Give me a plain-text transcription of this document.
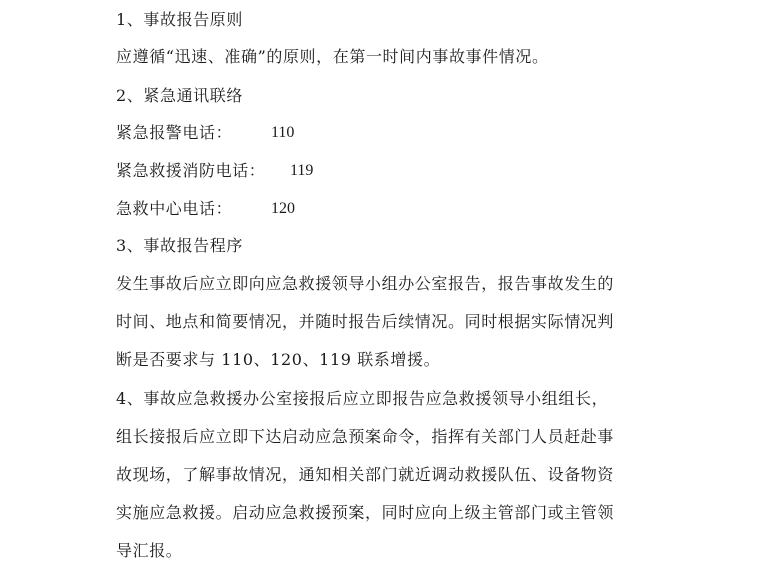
1、事故报告原则
应遵循“迅速、准确”的原则，在第一时间内事故事件情况。
2、紧急通讯联络
紧急报警电话： 110
紧急救援消防电话： 119
急救中心电话： 120
3、事故报告程序
发生事故后应立即向应急救援领导小组办公室报告，报告事故发生的
时间、地点和简要情况，并随时报告后续情况。同时根据实际情况判
断是否要求与 110、120、119 联系增援。
4、事故应急救援办公室接报后应立即报告应急救援领导小组组长，
组长接报后应立即下达启动应急预案命令，指挥有关部门人员赶赴事
故现场，了解事故情况，通知相关部门就近调动救援队伍、设备物资
实施应急救援。启动应急救援预案，同时应向上级主管部门或主管领
导汇报。
